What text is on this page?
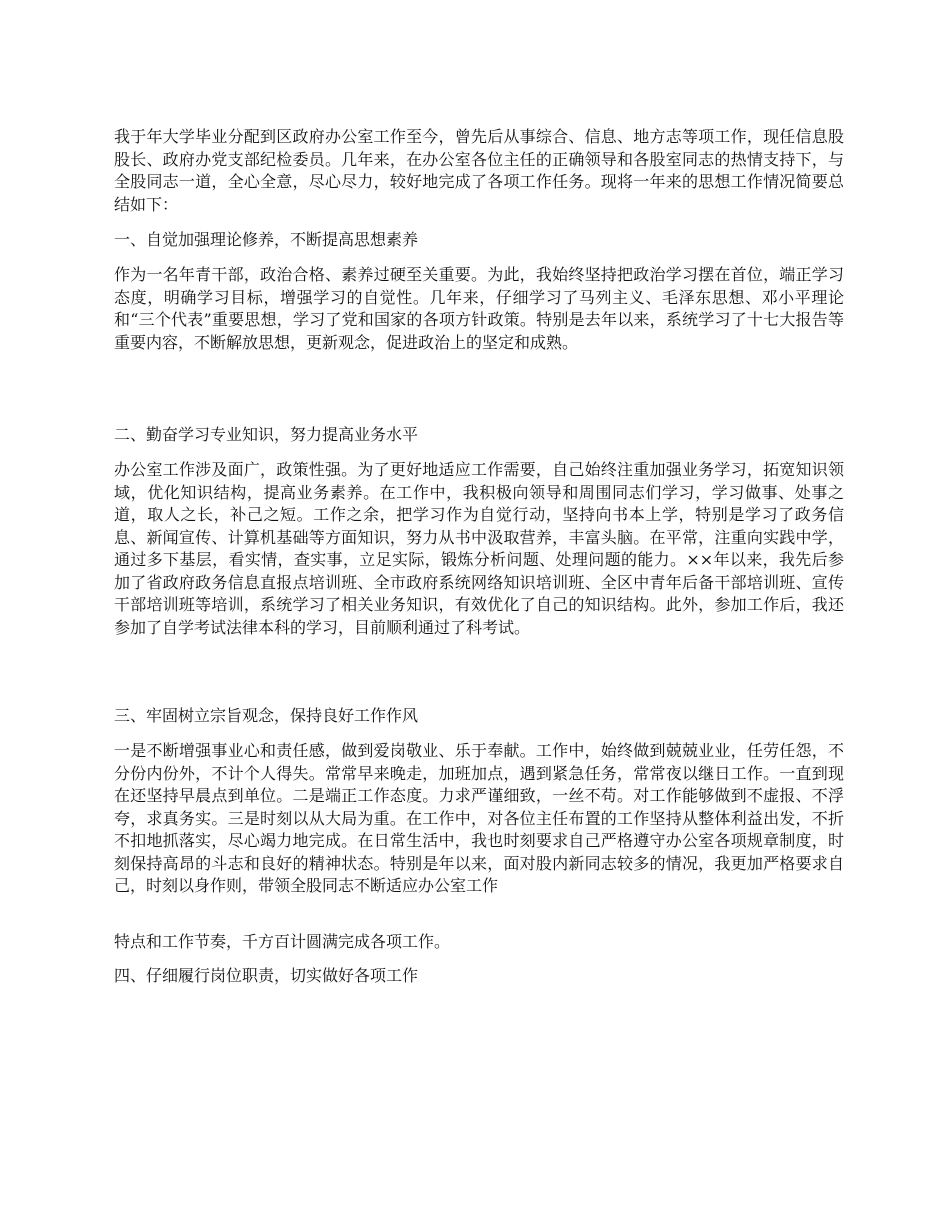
我于年大学毕业分配到区政府办公室工作至今，曾先后从事综合、信息、地方志等项工作，现任信息股股长、政府办党支部纪检委员。几年来，在办公室各位主任的正确领导和各股室同志的热情支持下，与全股同志一道，全心全意，尽心尽力，较好地完成了各项工作任务。现将一年来的思想工作情况简要总结如下：

一、自觉加强理论修养，不断提高思想素养

作为一名年青干部，政治合格、素养过硬至关重要。为此，我始终坚持把政治学习摆在首位，端正学习态度，明确学习目标，增强学习的自觉性。几年来，仔细学习了马列主义、毛泽东思想、邓小平理论和“三个代表”重要思想，学习了党和国家的各项方针政策。特别是去年以来，系统学习了十七大报告等重要内容，不断解放思想，更新观念，促进政治上的坚定和成熟。

二、勤奋学习专业知识，努力提高业务水平

办公室工作涉及面广，政策性强。为了更好地适应工作需要，自己始终注重加强业务学习，拓宽知识领域，优化知识结构，提高业务素养。在工作中，我积极向领导和周围同志们学习，学习做事、处事之道，取人之长，补己之短。工作之余，把学习作为自觉行动，坚持向书本上学，特别是学习了政务信息、新闻宣传、计算机基础等方面知识，努力从书中汲取营养，丰富头脑。在平常，注重向实践中学，通过多下基层，看实情，查实事，立足实际，锻炼分析问题、处理问题的能力。××年以来，我先后参加了省政府政务信息直报点培训班、全市政府系统网络知识培训班、全区中青年后备干部培训班、宣传干部培训班等培训，系统学习了相关业务知识，有效优化了自己的知识结构。此外，参加工作后，我还参加了自学考试法律本科的学习，目前顺利通过了科考试。

三、牢固树立宗旨观念，保持良好工作作风

一是不断增强事业心和责任感，做到爱岗敬业、乐于奉献。工作中，始终做到兢兢业业，任劳任怨，不分份内份外，不计个人得失。常常早来晚走，加班加点，遇到紧急任务，常常夜以继日工作。一直到现在还坚持早晨点到单位。二是端正工作态度。力求严谨细致，一丝不苟。对工作能够做到不虚报、不浮夸，求真务实。三是时刻以从大局为重。在工作中，对各位主任布置的工作坚持从整体利益出发，不折不扣地抓落实，尽心竭力地完成。在日常生活中，我也时刻要求自己严格遵守办公室各项规章制度，时刻保持高昂的斗志和良好的精神状态。特别是年以来，面对股内新同志较多的情况，我更加严格要求自己，时刻以身作则，带领全股同志不断适应办公室工作

特点和工作节奏，千方百计圆满完成各项工作。

四、仔细履行岗位职责，切实做好各项工作
